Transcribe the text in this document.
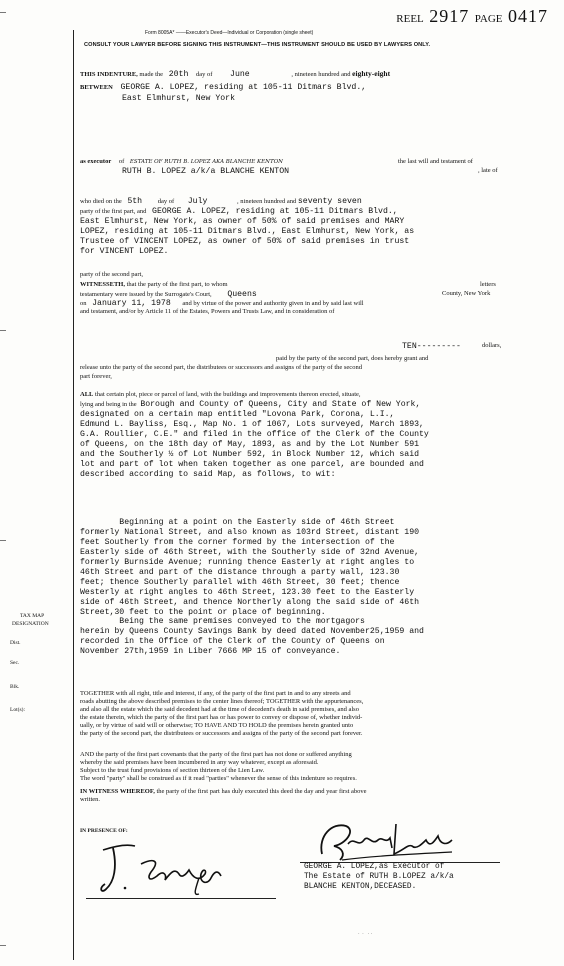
REEL 2917 PAGE 0417
Form 8005A* ——Executor's Deed—Individual or Corporation (single sheet)
CONSULT YOUR LAWYER BEFORE SIGNING THIS INSTRUMENT—THIS INSTRUMENT SHOULD BE USED BY LAWYERS ONLY.
THIS INDENTURE, made the 20th day of June	, nineteen hundred and eighty-eight
BETWEEN GEORGE A. LOPEZ, residing at 105-11 Ditmars Blvd.,
East Elmhurst, New York
as executor of ESTATE OF RUTH B. LOPEZ AKA BLANCHE KENTON	the last will and testament of
RUTH B. LOPEZ a/k/a BLANCHE KENTON	, late of
who died on the 5th day of July	, nineteen hundred and seventy seven
party of the first part, and GEORGE A. LOPEZ, residing at 105-11 Ditmars Blvd.,
East Elmhurst, New York, as owner of 50% of said premises and MARY
LOPEZ, residing at 105-11 Ditmars Blvd., East Elmhurst, New York, as
Trustee of VINCENT LOPEZ, as owner of 50% of said premises in trust
for VINCENT LOPEZ.
party of the second part,
WITNESSETH, that the party of the first part, to whom	letters
testamentary were issued by the Surrogate's Court, Queens	County, New York
on January 11, 1978 and by virtue of the power and authority given in and by said last will
and testament, and/or by Article 11 of the Estates, Powers and Trusts Law, and in consideration of
TEN---------	dollars,
paid by the party of the second part, does hereby grant and
release unto the party of the second part, the distributees or successors and assigns of the party of the second
part forever,
ALL that certain plot, piece or parcel of land, with the buildings and improvements thereon erected, situate,
lying and being in the Borough and County of Queens, City and State of New York,
designated on a certain map entitled "Lovona Park, Corona, L.I.,
Edmund L. Bayliss, Esq., Map No. 1 of 1067, Lots surveyed, March 1893,
G.A. Roullier, C.E." and filed in the office of the Clerk of the County
of Queens, on the 18th day of May, 1893, as and by the Lot Number 591
and the Southerly ½ of Lot Number 592, in Block Number 12, which said
lot and part of lot when taken together as one parcel, are bounded and
described according to said Map, as follows, to wit:
Beginning at a point on the Easterly side of 46th Street
formerly National Street, and also known as 103rd Street, distant 190
feet Southerly from the corner formed by the intersection of the
Easterly side of 46th Street, with the Southerly side of 32nd Avenue,
formerly Burnside Avenue; running thence Easterly at right angles to
46th Street and part of the distance through a party wall, 123.30
feet; thence Southerly parallel with 46th Street, 30 feet; thence
Westerly at right angles to 46th Street, 123.30 feet to the Easterly
side of 46th Street, and thence Northerly along the said side of 46th
Street,30 feet to the point or place of beginning.
Being the same premises conveyed to the mortgagors
herein by Queens County Savings Bank by deed dated November25,1959 and
recorded in the Office of the Clerk of the County of Queens on
November 27th,1959 in Liber 7666 MP 15 of conveyance.
TAX MAP
DESIGNATION
Dist.
Sec.
Blk.
Lot(s):
TOGETHER with all right, title and interest, if any, of the party of the first part in and to any streets and
roads abutting the above described premises to the center lines thereof; TOGETHER with the appurtenances,
and also all the estate which the said decedent had at the time of decedent's death in said premises, and also
the estate therein, which the party of the first part has or has power to convey or dispose of, whether individ-
ually, or by virtue of said will or otherwise; TO HAVE AND TO HOLD the premises herein granted unto
the party of the second part, the distributees or successors and assigns of the party of the second part forever.
AND the party of the first part covenants that the party of the first part has not done or suffered anything
whereby the said premises have been incumbered in any way whatever, except as aforesaid.
Subject to the trust fund provisions of section thirteen of the Lien Law.
The word "party" shall be construed as if it read "parties" whenever the sense of this indenture so requires.
IN WITNESS WHEREOF, the party of the first part has duly executed this deed the day and year first above
written.
IN PRESENCE OF:
GEORGE A. LOPEZ,as Executor of
The Estate of RUTH B.LOPEZ a/k/a
BLANCHE KENTON,DECEASED.
·  ·   · ·
